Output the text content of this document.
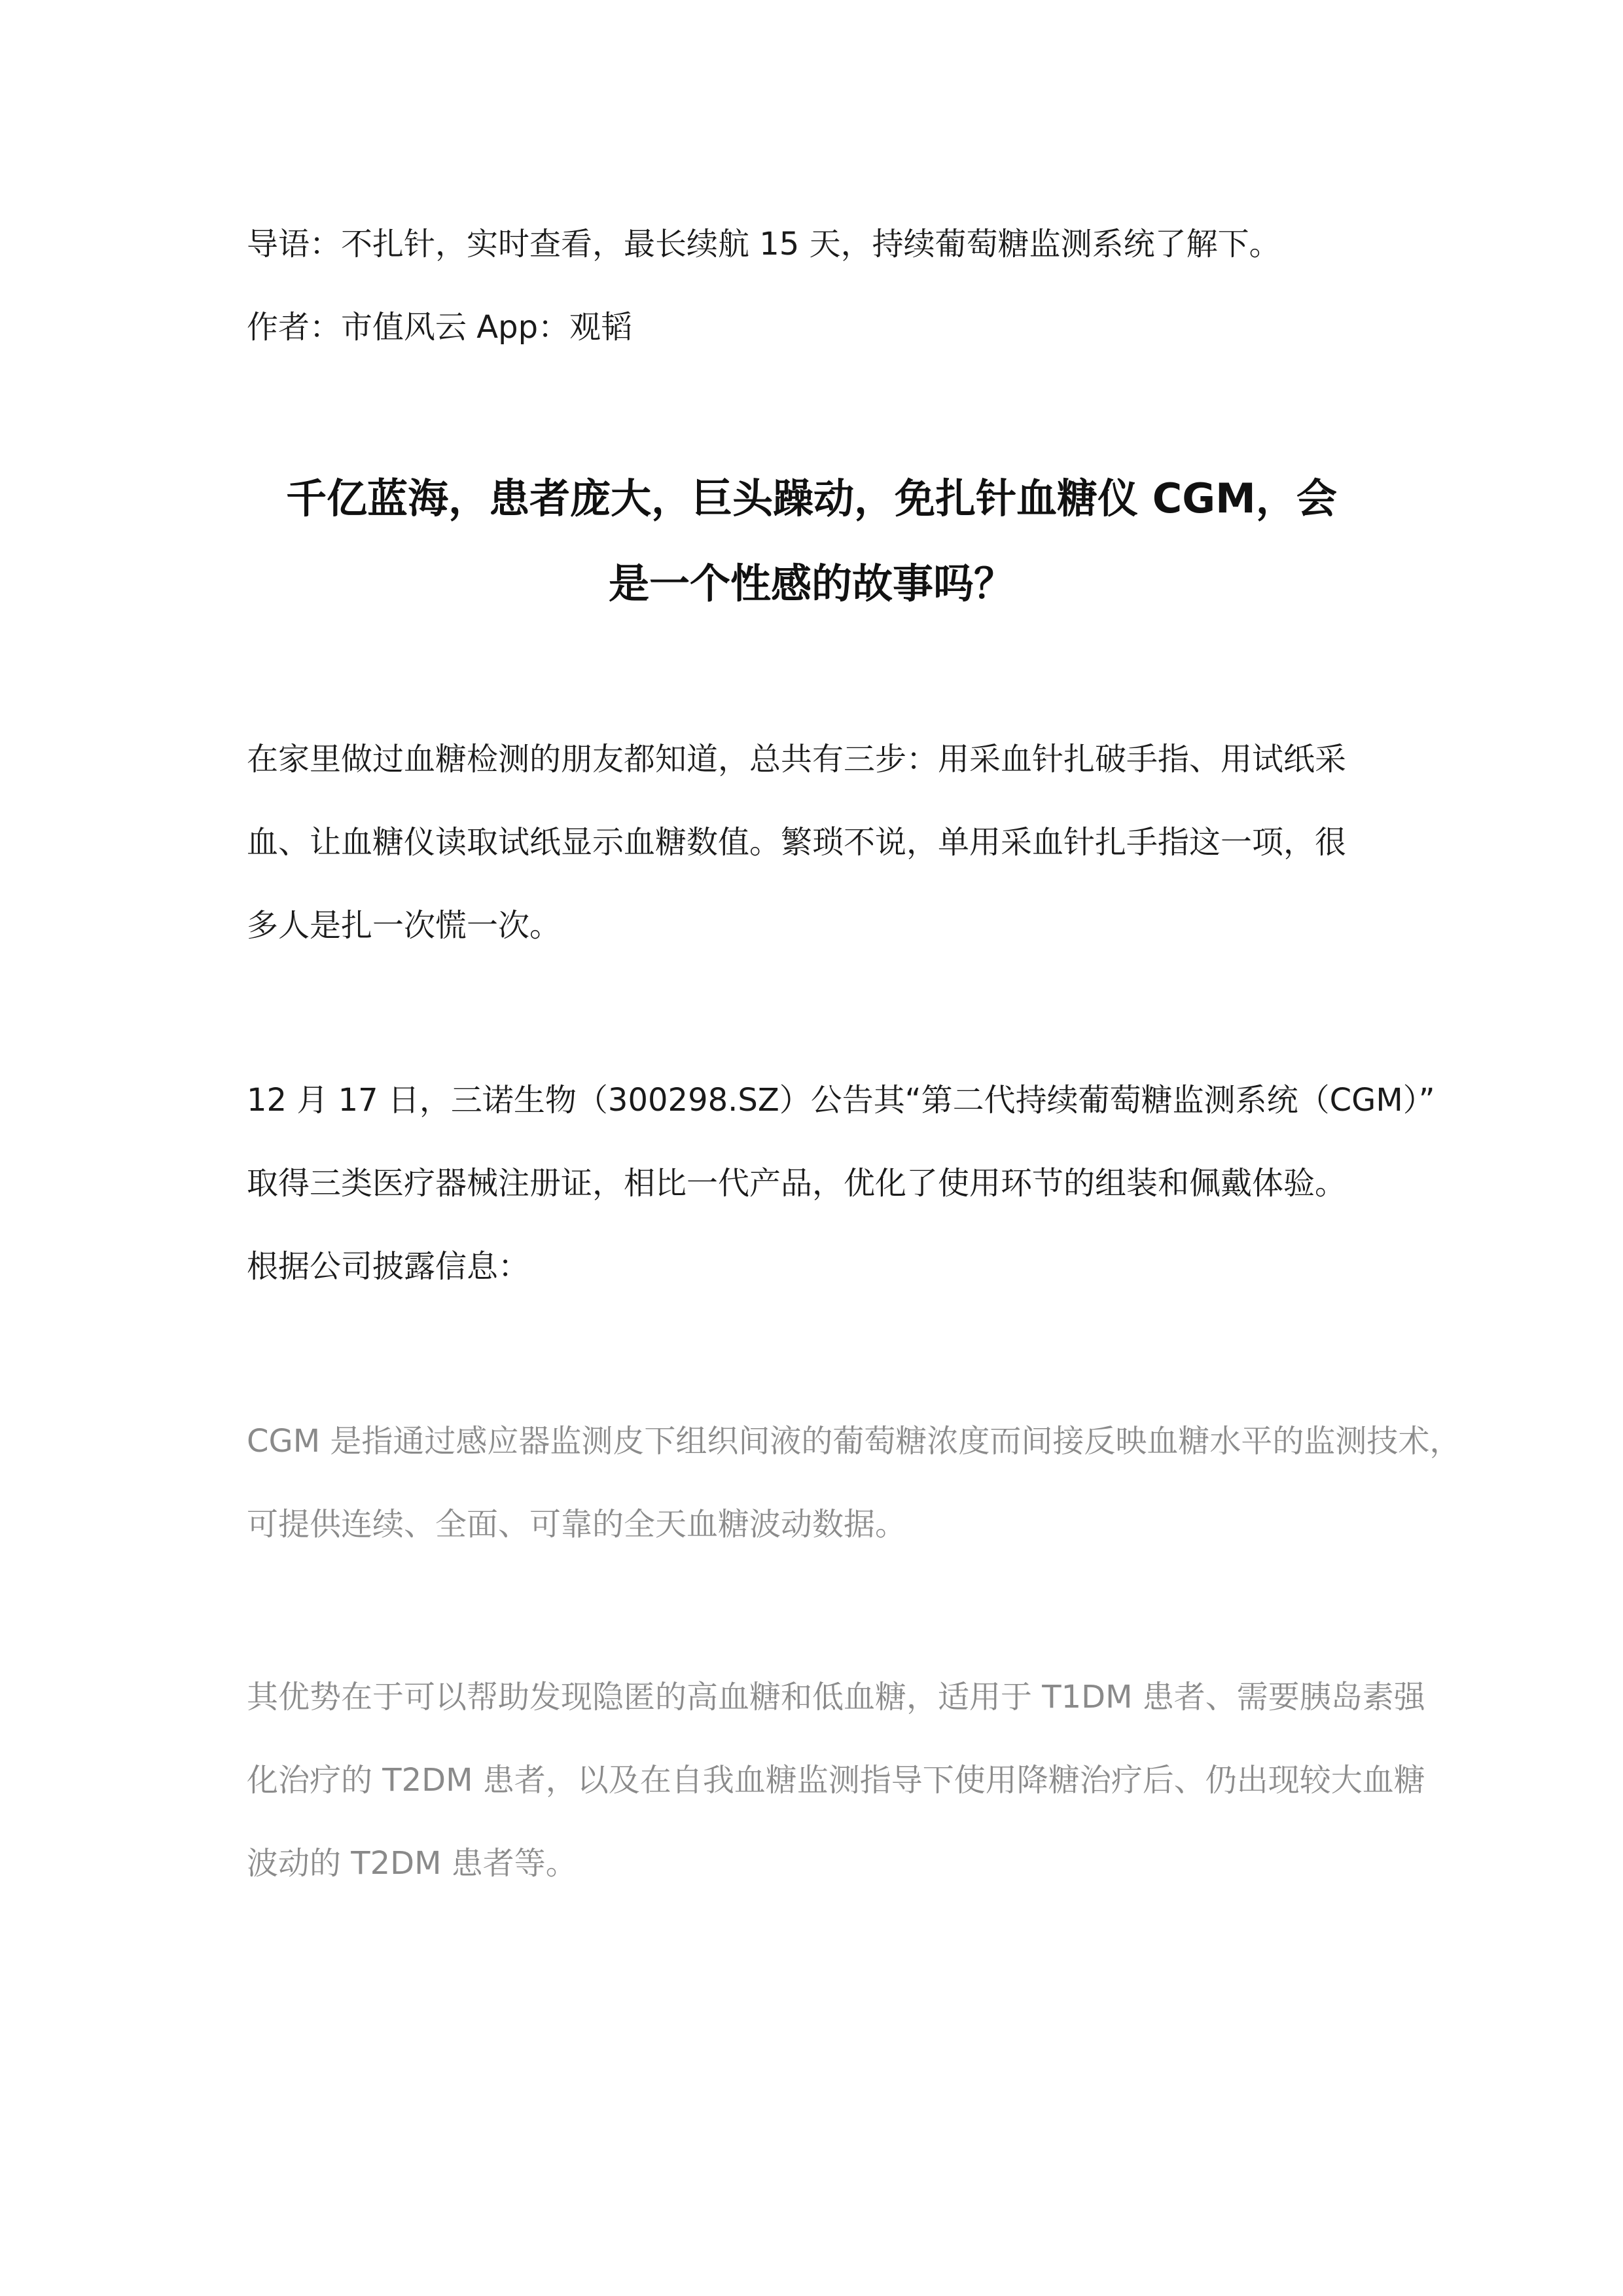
导语：不扎针，实时查看，最长续航 15 天，持续葡萄糖监测系统了解下。

作者：市值风云 App：观韬

千亿蓝海，患者庞大，巨头躁动，免扎针血糖仪 CGM，会
是一个性感的故事吗？

在家里做过血糖检测的朋友都知道，总共有三步：用采血针扎破手指、用试纸采

血、让血糖仪读取试纸显示血糖数值。繁琐不说，单用采血针扎手指这一项，很

多人是扎一次慌一次。

12 月 17 日，三诺生物（300298.SZ）公告其“第二代持续葡萄糖监测系统（CGM）”

取得三类医疗器械注册证，相比一代产品，优化了使用环节的组装和佩戴体验。

根据公司披露信息：

CGM 是指通过感应器监测皮下组织间液的葡萄糖浓度而间接反映血糖水平的监测技术，

可提供连续、全面、可靠的全天血糖波动数据。

其优势在于可以帮助发现隐匿的高血糖和低血糖，适用于 T1DM 患者、需要胰岛素强

化治疗的 T2DM 患者，以及在自我血糖监测指导下使用降糖治疗后、仍出现较大血糖

波动的 T2DM 患者等。
